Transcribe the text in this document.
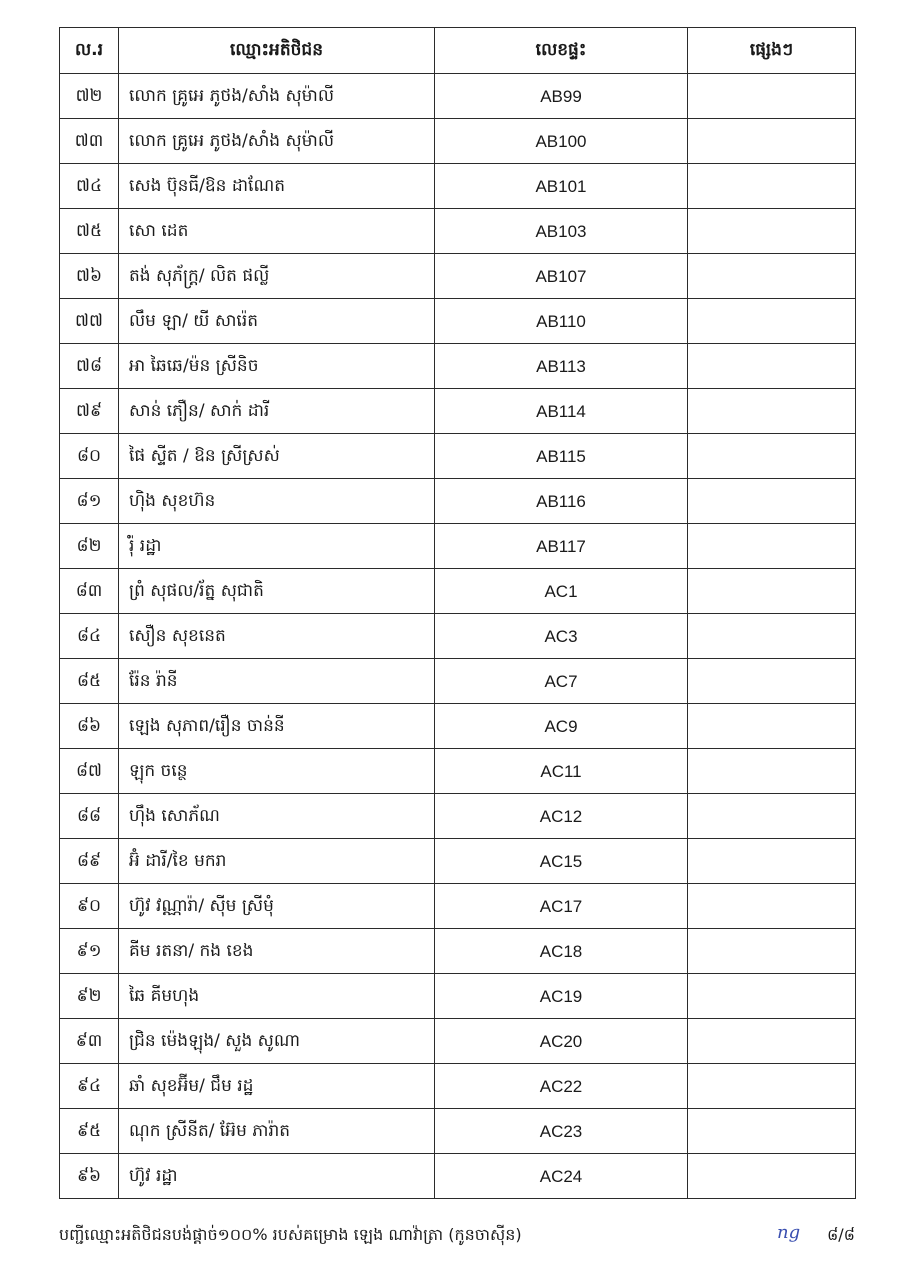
ល.រ	ឈ្មោះអតិថិជន	លេខផ្ទះ	ផ្សេងៗ
៧២	លោក គ្រូអេ ភូថង/សាំង សុម៉ាលី	AB99	
៧៣	លោក គ្រូអេ ភូថង/សាំង សុម៉ាលី	AB100	
៧៤	សេង ប៊ុនធី/ឱន ដាណែត	AB101	
៧៥	សោ ដេត	AB103	
៧៦	តង់ សុភ័ក្ត្រ/ លិត ផល្លី	AB107	
៧៧	លឹម ឡា/ យី សារ៉េត	AB110	
៧៨	អា ឆៃឆេ/ម៉ន ស្រីនិច	AB113	
៧៩	សាន់ ភឿន/ សាក់ ដារី	AB114	
៨០	ផៃ ស្ទីត / ឱន ស្រីស្រស់	AB115	
៨១	ហ៊ិង សុខហ៊ន	AB116	
៨២	រ៉ុំ រដ្ឋា	AB117	
៨៣	ព្រំ សុផល/រ័ត្ន សុជាតិ	AC1	
៨៤	សឿន សុខនេត	AC3	
៨៥	រ៉ែន រ៉ានី	AC7	
៨៦	ឡេង សុភាព/រឿន ចាន់នី	AC9	
៨៧	ឡុក ចន្ថេ	AC11	
៨៨	ហ៊ឹង សោភ័ណ	AC12	
៨៩	អ៊ំ ដារី/ខៃ មករា	AC15	
៩០	ហ៊ូវ វណ្ណារ៉ា/ ស៊ីម ស្រីមុំ	AC17	
៩១	គីម រតនា/ កង ខេង	AC18	
៩២	ឆៃ គីមហុង	AC19	
៩៣	ជ្រិន ម៉េងឡុង/ សួង សូណា	AC20	
៩៤	ឆាំ សុខអ៊ីម/ ជឹម រដ្ឋ	AC22	
៩៥	ណុក ស្រីនីត/ អ៊ែម ភារ៉ាត	AC23	
៩៦	ហ៊ូវ រដ្ឋា	AC24	
បញ្ជីឈ្មោះអតិថិជនបង់ផ្ដាច់១០០% របស់គម្រោង ឡេង ណាវ៉ាត្រា (កូនចាស៊ីន)	ng ៨/៨
